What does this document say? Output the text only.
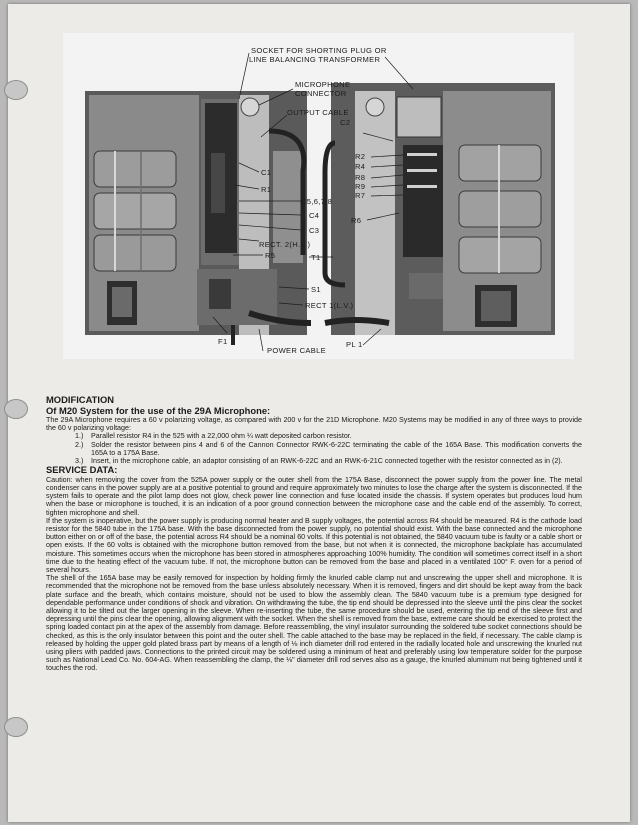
SOCKET FOR SHORTING PLUG OR
LINE BALANCING TRANSFORMER
MICROPHONE
CONNECTOR
OUTPUT CABLE
C1
R1
C5,6,7,8
C4
C3
RECT. 2(H.V.)
R5
C2
R2
R4
R8
R9
R7
R6
T1
S1
RECT 1(L.V.)
F1
POWER CABLE
PL 1

MODIFICATION

Of M20 System for the use of the 29A Microphone:

The 29A Microphone requires a 60 v polarizing voltage, as compared with 200 v for the 21D Microphone. M20 Systems may be modified in any of three ways to provide the 60 v polarizing voltage:

1.) Parallel resistor R4 in the 525 with a 22,000 ohm ¼ watt deposited carbon resistor.
2.) Solder the resistor between pins 4 and 6 of the Cannon Connector RWK-6-22C terminating the cable of the 165A Base. This modification converts the 165A to a 175A Base.
3.) Insert, in the microphone cable, an adaptor consisting of an RWK-6-22C and an RWK-6-21C connected together with the resistor connected as in (2).

SERVICE DATA:

Caution: when removing the cover from the 525A power supply or the outer shell from the 175A Base, disconnect the power supply from the power line. The metal condenser cans in the power supply are at a positive potential to ground and require approximately two minutes to lose the charge after the system is disconnected. If the system fails to operate and the pilot lamp does not glow, check power line connection and fuse located inside the chassis. If system operates but produces loud hum when the base or microphone is touched, it is an indication of a poor ground connection between the microphone case and the cable end of the assembly. To correct, tighten microphone and shell.

If the system is inoperative, but the power supply is producing normal heater and B supply voltages, the potential across R4 should be measured. R4 is the cathode load resistor for the 5840 tube in the 175A base. With the base disconnected from the power supply, no potential should exist. With the base connected and the microphone button either on or off of the base, the potential across R4 should be a nominal 60 volts. If this potential is not obtained, the 5840 vacuum tube is faulty or a cable short or open exists. If the 60 volts is obtained with the microphone button removed from the base, but not when it is connected, the microphone backplate has accumulated moisture. This sometimes occurs when the microphone has been stored in atmospheres approaching 100% humidity. The condition will sometimes correct itself in a short time due to the heating effect of the vacuum tube. If not, the microphone button can be removed from the base and placed in a ventilated 100° F. oven for a period of several hours.

The shell of the 165A base may be easily removed for inspection by holding firmly the knurled cable clamp nut and unscrewing the upper shell and microphone. It is recommended that the microphone not be removed from the base unless absolutely necessary. When it is removed, fingers and dirt should be kept away from the back plate surface and the breath, which contains moisture, should not be used to blow the assembly clean. The 5840 vacuum tube is a premium type designed for dependable performance under conditions of shock and vibration. On withdrawing the tube, the tip end should be depressed into the sleeve until the pins clear the socket allowing it to be tilted out the larger opening in the sleeve. When re-inserting the tube, the same procedure should be used, entering the tip end of the sleeve first and depressing until the pins clear the opening, allowing alignment with the socket. When the shell is removed from the base, extreme care should be exercised to protect the spring loaded contact pin at the apex of the assembly from damage. Before reassembling, the vinyl insulator surrounding the soldered tube socket connections should be checked, as this is the only insulator between this point and the outer shell. The cable attached to the base may be replaced in the field, if necessary. The cable clamp is released by holding the upper gold plated brass part by means of a length of ⅛ inch diameter drill rod entered in the radially located hole and unscrewing the knurled nut using pliers with padded jaws. Connections to the printed circuit may be soldered using a minimum of heat and preferably using low temperature solder for the purpose such as National Lead Co. No. 604-AG. When reassembling the clamp, the ⅛" diameter drill rod serves also as a gauge, the knurled aluminum nut being tightened until it touches the rod.
